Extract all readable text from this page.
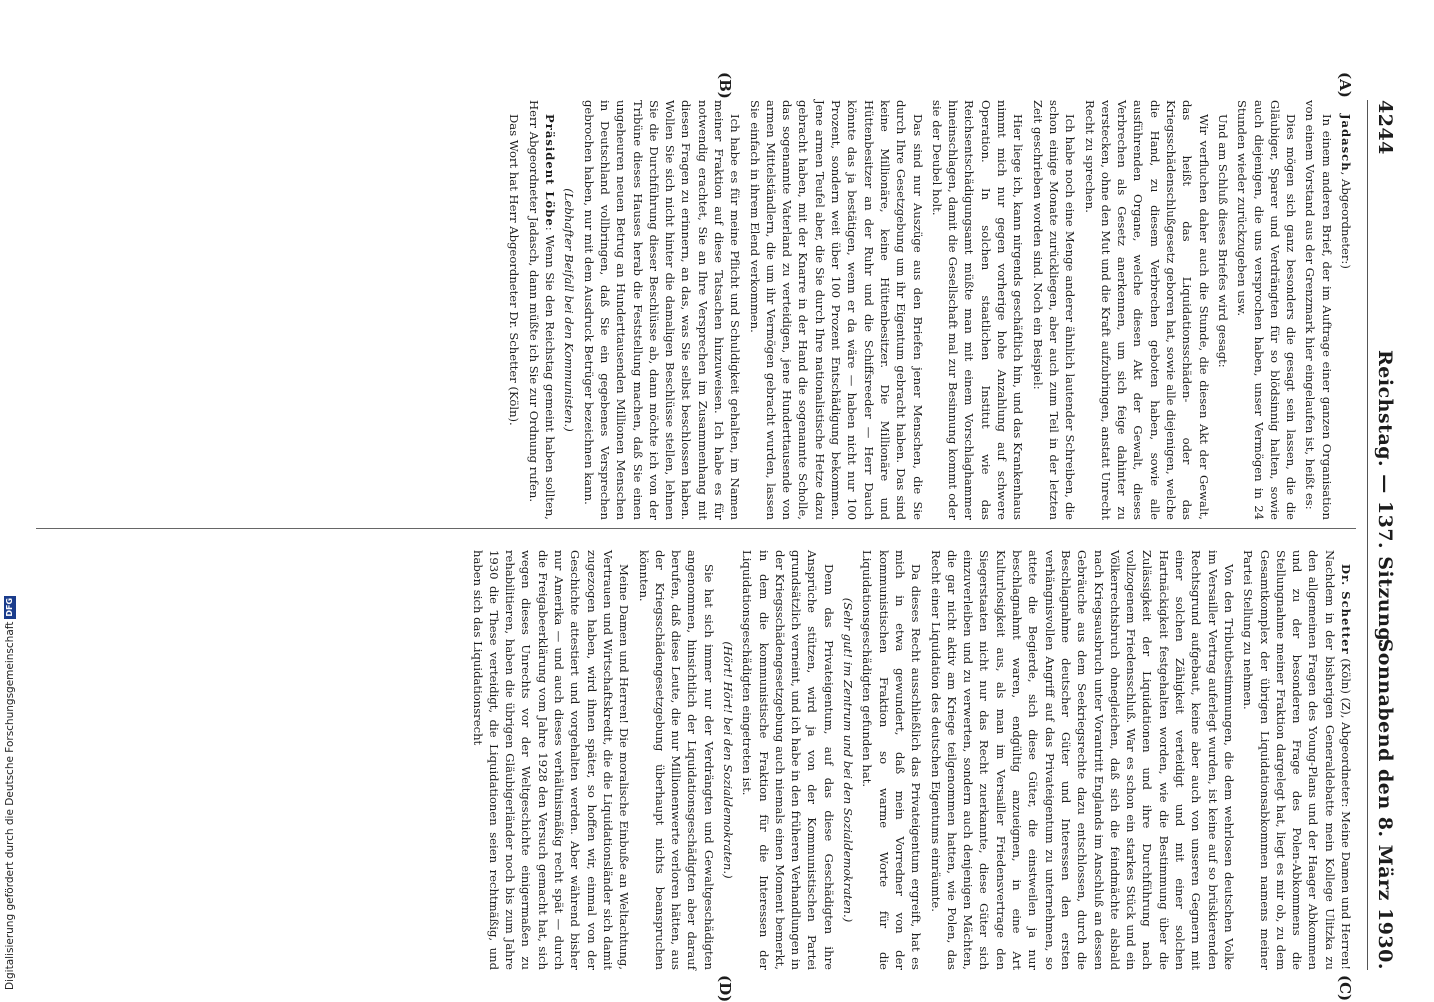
4244
Reichstag. — 137. Sitzung.
Sonnabend den 8. März 1930.
(A)
(B)
(C)
(D)

Jadasch, Abgeordneter:)

In einem anderen Brief, der im Auftrage einer ganzen Organisation von einem Vorstand aus der Grenzmark hier eingelaufen ist, heißt es:

Dies mögen sich ganz besonders die gesagt sein lassen, die die Gläubiger, Sparer und Verdrängten für so blödsinnig halten, sowie auch diejenigen, die uns versprochen haben, unser Vermögen in 24 Stunden wieder zurückzugeben usw.

Und am Schluß dieses Briefes wird gesagt:

Wir verfluchen daher auch die Stunde, die diesen Akt der Gewalt, das heißt das Liquidationsschäden- oder das Kriegsschädenschlußgesetz geboren hat, sowie alle diejenigen, welche die Hand, zu diesem Verbrechen geboten haben, sowie alle ausführenden Organe, welche diesen Akt der Gewalt, dieses Verbrechen als Gesetz anerkennen, um sich feige dahinter zu verstecken, ohne den Mut und die Kraft aufzubringen, anstatt Unrecht Recht zu sprechen.

Ich habe noch eine Menge anderer ähnlich lautender Schreiben, die schon einige Monate zurückliegen, aber auch zum Teil in der letzten Zeit geschrieben worden sind. Noch ein Beispiel:

Hier liege ich, kann nirgends geschäftlich hin, und das Krankenhaus nimmt mich nur gegen vorherige hohe Anzahlung auf schwere Operation. In solchen staatlichen Institut wie das Reichsentschädigungsamt müßte man mit einem Vorschlaghammer hineinschlagen, damit die Gesellschaft mal zur Besinnung kommt oder sie der Deubel holt.

Das sind nur Auszüge aus den Briefen jener Menschen, die Sie durch Ihre Gesetzgebung um ihr Eigentum gebracht haben. Das sind keine Millionäre, keine Hüttenbesitzer. Die Millionäre und Hüttenbesitzer an der Ruhr und die Schiffsreeder — Herr Dauch könnte das ja bestätigen, wenn er da wäre — haben nicht nur 100 Prozent, sondern weit über 100 Prozent Entschädigung bekommen. Jene armen Teufel aber, die Sie durch Ihre nationalistische Hetze dazu gebracht haben, mit der Knarre in der Hand die sogenannte Scholle, das sogenannte Vaterland zu verteidigen, jene Hunderttausende von armen Mittelständlern, die um ihr Vermögen gebracht wurden, lassen Sie einfach in ihrem Elend verkommen.

Ich habe es für meine Pflicht und Schuldigkeit gehalten, im Namen meiner Fraktion auf diese Tatsachen hinzuweisen. Ich habe es für notwendig erachtet, Sie an Ihre Versprechen im Zusammenhang mit diesen Fragen zu erinnern, an das, was Sie selbst beschlossen haben. Wollen Sie sich nicht hinter die damaligen Beschlüsse stellen, lehnen Sie die Durchführung dieser Beschlüsse ab, dann möchte ich von der Tribüne dieses Hauses herab die Feststellung machen, daß Sie einen ungeheuren neuen Betrug an Hunderttausenden Millionen Menschen in Deutschland vollbringen, daß Sie ein gegebenes Versprechen gebrochen haben, nur mit dem Ausdruck Betrüger bezeichnen kann.

(Lebhafter Beifall bei den Kommunisten.)

Präsident Löbe: Wenn Sie den Reichstag gemeint haben sollten, Herr Abgeordneter Jadasch, dann müßte ich Sie zur Ordnung rufen.

Das Wort hat Herr Abgeordneter Dr. Schetter (Köln).

Dr. Schetter (Köln) (Z), Abgeordneter: Meine Damen und Herren! Nachdem in der bisherigen Generaldebatte mein Kollege Ulitzka zu den allgemeinen Fragen des Young-Plans und der Haager Abkommen und zu der besonderen Frage des Polen-Abkommens die Stellungnahme meiner Fraktion dargelegt hat, liegt es mir ob, zu dem Gesamtkomplex der übrigen Liquidationsabkommen namens meiner Partei Stellung zu nehmen.

Von den Tributbestimmungen, die dem wehrlosen deutschen Volke im Versailler Vertrag auferlegt wurden, ist keine auf so brüskierenden Rechtsgrund aufgebaut, keine aber auch von unseren Gegnern mit einer solchen Zähigkeit verteidigt und mit einer solchen Hartnäckigkeit festgehalten worden, wie die Bestimmung über die Zulässigkeit der Liquidationen und ihre Durchführung nach vollzogenem Friedensschluß. War es schon ein starkes Stück und ein Völkerrechtsbruch ohnegleichen, daß sich die feindmächte alsbald nach Kriegsausbruch unter Vorantritt Englands im Anschluß an dessen Gebräuche aus dem Seekriegsrechte dazu entschlossen, durch die Beschlagnahme deutscher Güter und Interessen den ersten verhängnisvollen Angriff auf das Privateigentum zu unternehmen, so attete die Begierde, sich diese Güter, die einstweilen ja nur beschlagnahmt waren, endgültig anzueignen, in eine Art Kulturlosigkeit aus, als man im Versailler Friedensvertrage den Siegerstaaten nicht nur das Recht zuerkannte, diese Güter sich einzuverleiben und zu verwerten, sondern auch denjenigen Mächten, die gar nicht aktiv am Kriege teilgenommen hatten, wie Polen, das Recht einer Liquidation des deutschen Eigentums einräumte.

Da dieses Recht ausschließlich das Privateigentum ergreift, hat es mich in etwa gewundert, daß mein Vorredner von der kommunistischen Fraktion so warme Worte für die Liquidationsgeschädigten gefunden hat.

(Sehr gut! im Zentrum und bei den Sozialdemokraten.)

Denn das Privateigentum, auf das diese Geschädigten ihre Ansprüche stützen, wird ja von der Kommunistischen Partei grundsätzlich verneint, und ich habe in den früheren Verhandlungen in der Kriegsschädengesetzgebung auch niemals einen Moment bemerkt, in dem die kommunistische Fraktion für die Interessen der Liquidationsgeschädigten eingetreten ist.

(Hört! Hört! bei den Sozialdemokraten.)

Sie hat sich immer nur der Verdrängten und Gewaltgeschädigten angenommen, hinsichtlich der Liquidationsgeschädigten aber darauf berufen, daß diese Leute, die nur Millionenwerte verloren hätten, aus der Kriegsschädengesetzgebung überhaupt nichts beanspruchen könnten.

Meine Damen und Herren! Die moralische Einbuße an Weltachtung, Vertrauen und Wirtschaftskredit, die die Liquidationsländer sich damit zugezogen haben, wird ihnen später, so hoffen wir, einmal von der Geschichte attestiert und vorgehalten werden. Aber während bisher nur Amerika — und auch dieses verhältnismäßig recht spät — durch die Freigabeerklärung vom Jahre 1928 den Versuch gemacht hat, sich wegen dieses Unrechts vor der Weltgeschichte einigermaßen zu rehabilitieren, haben die übrigen Gläubigerländer noch bis zum Jahre 1930 die These verteidigt, die Liquidationen seien rechtmäßig, und haben sich das Liquidationsrecht

Digitalisierung gefördert durch die Deutsche ForschungsgemeinschaftDFG
